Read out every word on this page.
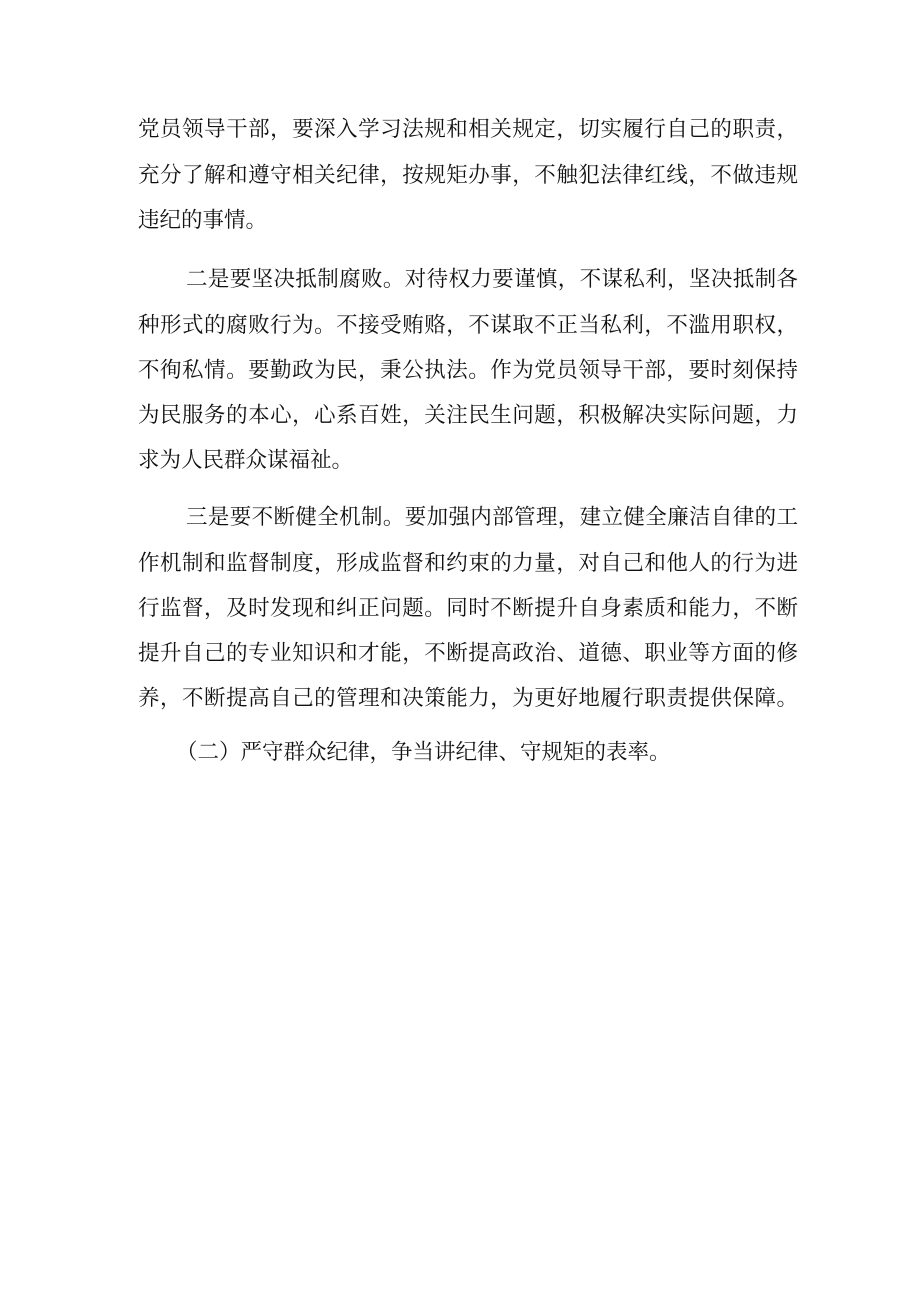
党员领导干部，要深入学习法规和相关规定，切实履行自己的职责，
充分了解和遵守相关纪律，按规矩办事，不触犯法律红线，不做违规
违纪的事情。
二是要坚决抵制腐败。对待权力要谨慎，不谋私利，坚决抵制各
种形式的腐败行为。不接受贿赂，不谋取不正当私利，不滥用职权，
不徇私情。要勤政为民，秉公执法。作为党员领导干部，要时刻保持
为民服务的本心，心系百姓，关注民生问题，积极解决实际问题，力
求为人民群众谋福祉。
三是要不断健全机制。要加强内部管理，建立健全廉洁自律的工
作机制和监督制度，形成监督和约束的力量，对自己和他人的行为进
行监督，及时发现和纠正问题。同时不断提升自身素质和能力，不断
提升自己的专业知识和才能，不断提高政治、道德、职业等方面的修
养，不断提高自己的管理和决策能力，为更好地履行职责提供保障。
（二）严守群众纪律，争当讲纪律、守规矩的表率。
